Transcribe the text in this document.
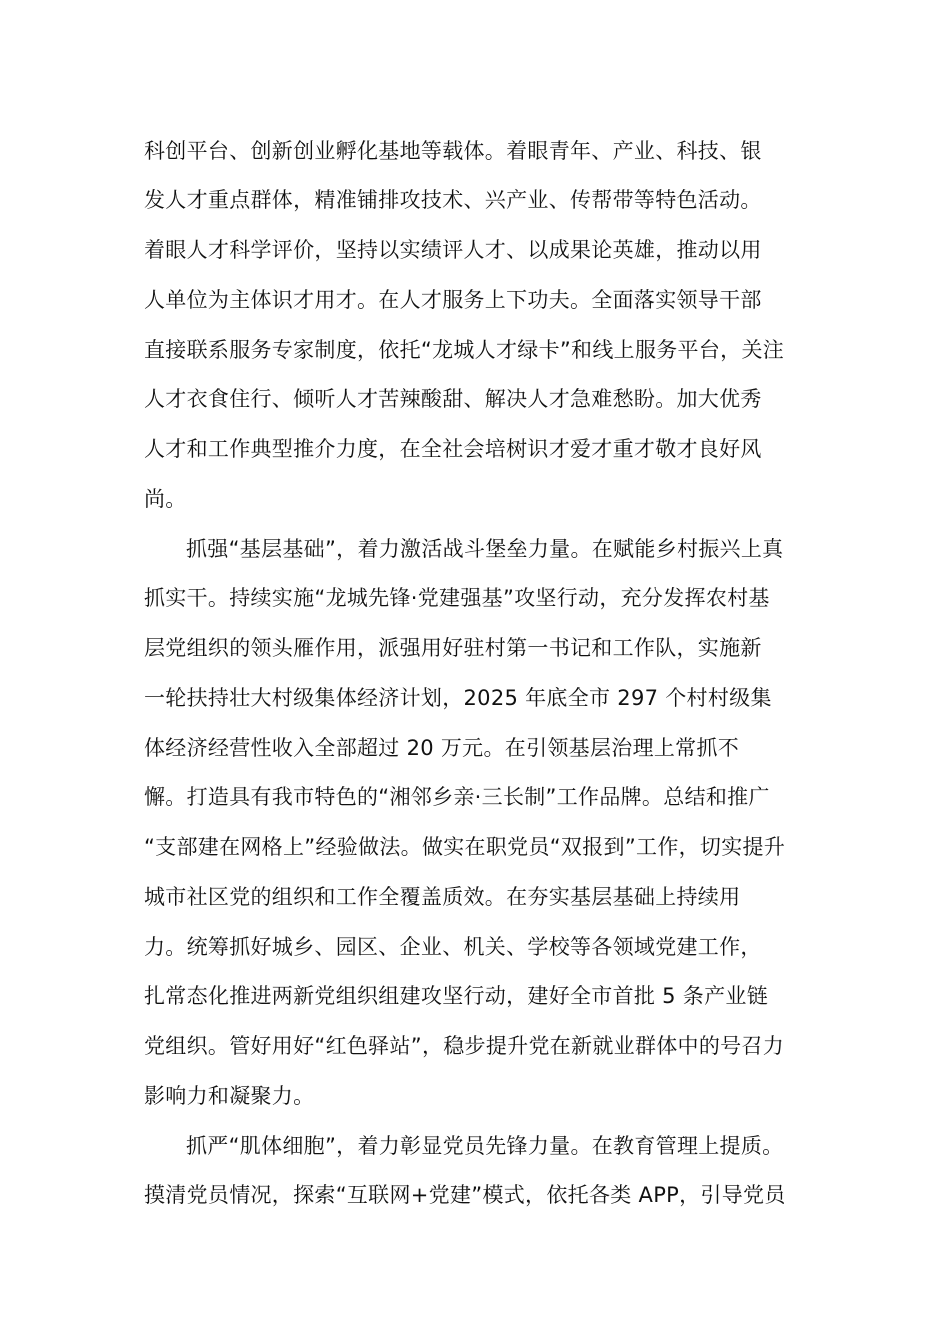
科创平台、创新创业孵化基地等载体。着眼青年、产业、科技、银
发人才重点群体，精准铺排攻技术、兴产业、传帮带等特色活动。
着眼人才科学评价，坚持以实绩评人才、以成果论英雄，推动以用
人单位为主体识才用才。在人才服务上下功夫。全面落实领导干部
直接联系服务专家制度，依托“龙城人才绿卡”和线上服务平台，关注
人才衣食住行、倾听人才苦辣酸甜、解决人才急难愁盼。加大优秀
人才和工作典型推介力度，在全社会培树识才爱才重才敬才良好风
尚。
抓强“基层基础”，着力激活战斗堡垒力量。在赋能乡村振兴上真
抓实干。持续实施“龙城先锋·党建强基”攻坚行动，充分发挥农村基
层党组织的领头雁作用，派强用好驻村第一书记和工作队，实施新
一轮扶持壮大村级集体经济计划，2025 年底全市 297 个村村级集
体经济经营性收入全部超过 20 万元。在引领基层治理上常抓不
懈。打造具有我市特色的“湘邻乡亲·三长制”工作品牌。总结和推广
“支部建在网格上”经验做法。做实在职党员“双报到”工作，切实提升
城市社区党的组织和工作全覆盖质效。在夯实基层基础上持续用
力。统筹抓好城乡、园区、企业、机关、学校等各领域党建工作，
扎常态化推进两新党组织组建攻坚行动，建好全市首批 5 条产业链
党组织。管好用好“红色驿站”，稳步提升党在新就业群体中的号召力
影响力和凝聚力。
抓严“肌体细胞”，着力彰显党员先锋力量。在教育管理上提质。
摸清党员情况，探索“互联网+党建”模式，依托各类 APP，引导党员
